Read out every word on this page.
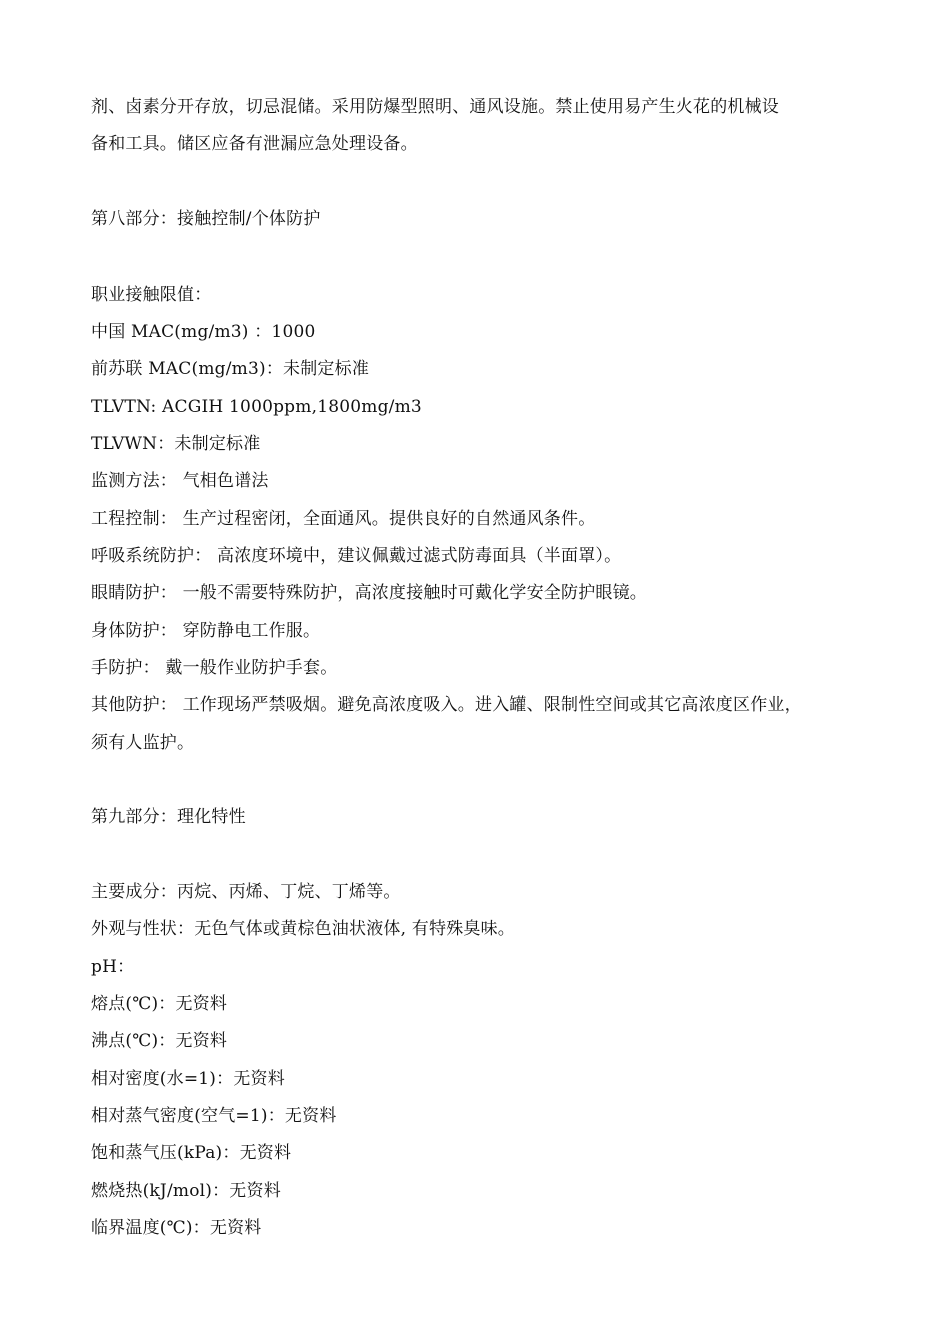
剂、卤素分开存放，切忌混储。采用防爆型照明、通风设施。禁止使用易产生火花的机械设
备和工具。储区应备有泄漏应急处理设备。
第八部分：接触控制/个体防护
职业接触限值：
中国 MAC(mg/m3) ：1000
前苏联 MAC(mg/m3)：未制定标准
TLVTN: ACGIH 1000ppm,1800mg/m3
TLVWN：未制定标准
监测方法： 气相色谱法
工程控制： 生产过程密闭，全面通风。提供良好的自然通风条件。
呼吸系统防护： 高浓度环境中，建议佩戴过滤式防毒面具（半面罩）。
眼睛防护： 一般不需要特殊防护，高浓度接触时可戴化学安全防护眼镜。
身体防护： 穿防静电工作服。
手防护： 戴一般作业防护手套。
其他防护： 工作现场严禁吸烟。避免高浓度吸入。进入罐、限制性空间或其它高浓度区作业，
须有人监护。
第九部分：理化特性
主要成分：丙烷、丙烯、丁烷、丁烯等。
外观与性状：无色气体或黄棕色油状液体, 有特殊臭味。
pH：
熔点(℃)：无资料
沸点(℃)：无资料
相对密度(水=1)：无资料
相对蒸气密度(空气=1)：无资料
饱和蒸气压(kPa)：无资料
燃烧热(kJ/mol)：无资料
临界温度(℃)：无资料
